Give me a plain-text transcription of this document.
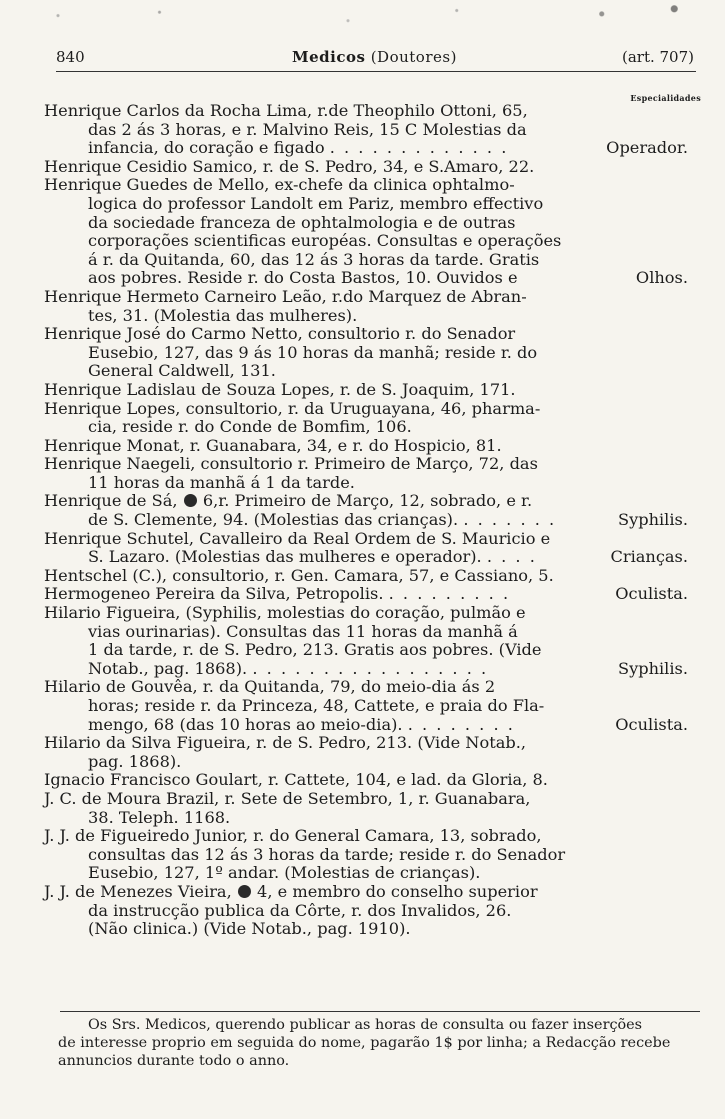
840	Medicos (Doutores)	(art. 707)
Especialidades
Henrique Carlos da Rocha Lima, r.de Theophilo Ottoni, 65,
das 2 ás 3 horas, e r. Malvino Reis, 15 C Molestias da
infancia, do coração e figado . . . . . . . . . . . . .	Operador.
Henrique Cesidio Samico, r. de S. Pedro, 34, e S.Amaro, 22.
Henrique Guedes de Mello, ex-chefe da clinica ophtalmo-
logica do professor Landolt em Pariz, membro effectivo
da sociedade franceza de ophtalmologia e de outras
corporações scientificas européas. Consultas e operações
á r. da Quitanda, 60, das 12 ás 3 horas da tarde. Gratis
aos pobres. Reside r. do Costa Bastos, 10. Ouvidos e	Olhos.
Henrique Hermeto Carneiro Leão, r.do Marquez de Abran-
tes, 31. (Molestia das mulheres).
Henrique José do Carmo Netto, consultorio r. do Senador
Eusebio, 127, das 9 ás 10 horas da manhã; reside r. do
General Caldwell, 131.
Henrique Ladislau de Souza Lopes, r. de S. Joaquim, 171.
Henrique Lopes, consultorio, r. da Uruguayana, 46, pharma-
cia, reside r. do Conde de Bomfim, 106.
Henrique Monat, r. Guanabara, 34, e r. do Hospicio, 81.
Henrique Naegeli, consultorio r. Primeiro de Março, 72, das
11 horas da manhã á 1 da tarde.
Henrique de Sá, 6,r. Primeiro de Março, 12, sobrado, e r.
de S. Clemente, 94. (Molestias das crianças). . . . . . . .	Syphilis.
Henrique Schutel, Cavalleiro da Real Ordem de S. Mauricio e
S. Lazaro. (Molestias das mulheres e operador). . . . .	Crianças.
Hentschel (C.), consultorio, r. Gen. Camara, 57, e Cassiano, 5.
Hermogeneo Pereira da Silva, Petropolis. . . . . . . . . .	Oculista.
Hilario Figueira, (Syphilis, molestias do coração, pulmão e
vias ourinarias). Consultas das 11 horas da manhã á
1 da tarde, r. de S. Pedro, 213. Gratis aos pobres. (Vide
Notab., pag. 1868). . . . . . . . . . . . . . . . . .	Syphilis.
Hilario de Gouvêa, r. da Quitanda, 79, do meio-dia ás 2
horas; reside r. da Princeza, 48, Cattete, e praia do Fla-
mengo, 68 (das 10 horas ao meio-dia). . . . . . . . .	Oculista.
Hilario da Silva Figueira, r. de S. Pedro, 213. (Vide Notab.,
pag. 1868).
Ignacio Francisco Goulart, r. Cattete, 104, e lad. da Gloria, 8.
J. C. de Moura Brazil, r. Sete de Setembro, 1, r. Guanabara,
38. Teleph. 1168.
J. J. de Figueiredo Junior, r. do General Camara, 13, sobrado,
consultas das 12 ás 3 horas da tarde; reside r. do Senador
Eusebio, 127, 1º andar. (Molestias de crianças).
J. J. de Menezes Vieira, 4, e membro do conselho superior
da instrucção publica da Côrte, r. dos Invalidos, 26.
(Não clinica.) (Vide Notab., pag. 1910).
Os Srs. Medicos, querendo publicar as horas de consulta ou fazer inserções
de interesse proprio em seguida do nome, pagarão 1$ por linha; a Redacção recebe
annuncios durante todo o anno.
